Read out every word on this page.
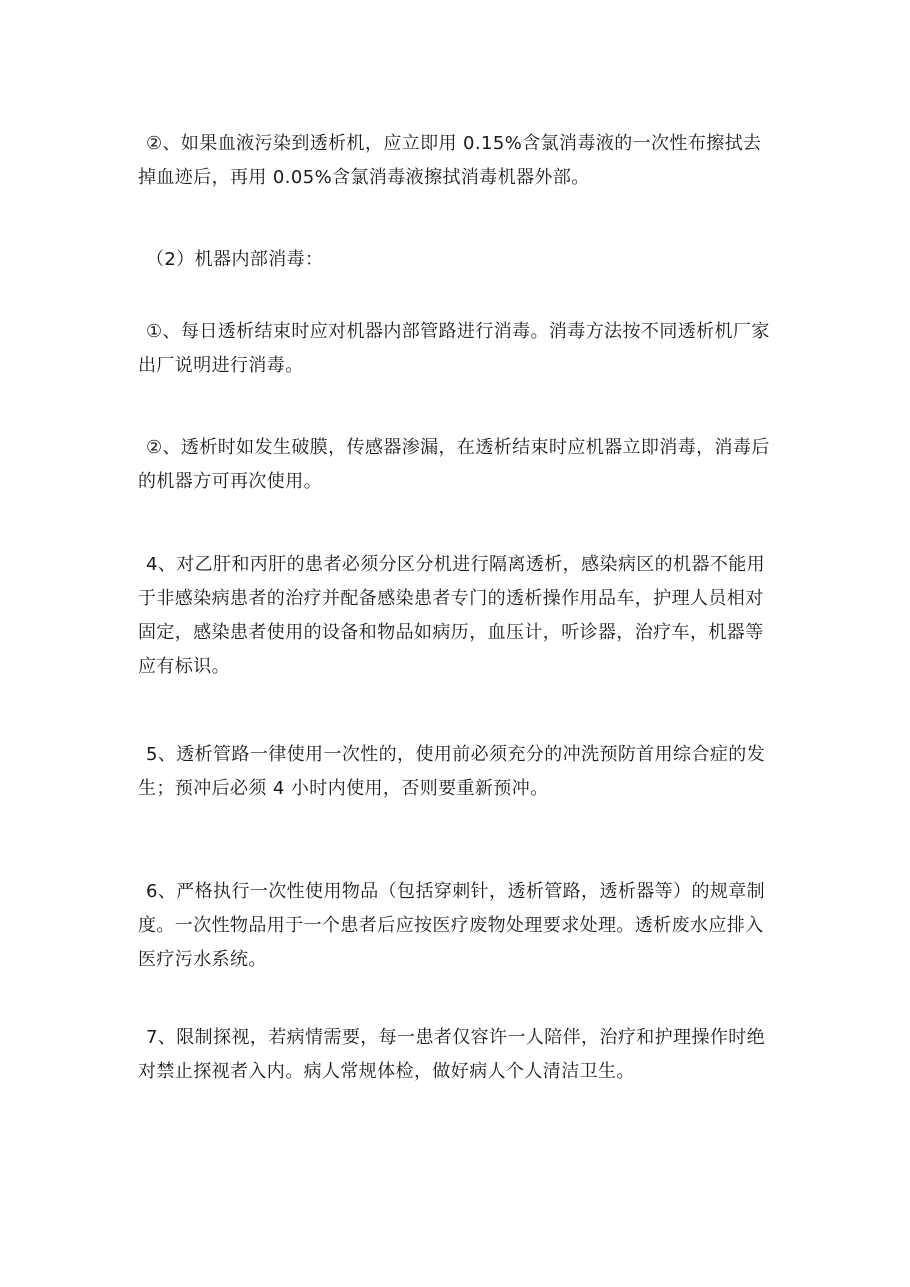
②、如果血液污染到透析机，应立即用 0.15%含氯消毒液的一次性布擦拭去
掉血迹后，再用 0.05%含氯消毒液擦拭消毒机器外部。

（2）机器内部消毒：

①、每日透析结束时应对机器内部管路进行消毒。消毒方法按不同透析机厂家
出厂说明进行消毒。

②、透析时如发生破膜，传感器渗漏，在透析结束时应机器立即消毒，消毒后
的机器方可再次使用。

4、对乙肝和丙肝的患者必须分区分机进行隔离透析，感染病区的机器不能用
于非感染病患者的治疗并配备感染患者专门的透析操作用品车，护理人员相对
固定，感染患者使用的设备和物品如病历，血压计，听诊器，治疗车，机器等
应有标识。

5、透析管路一律使用一次性的，使用前必须充分的冲洗预防首用综合症的发
生；预冲后必须 4 小时内使用，否则要重新预冲。

6、严格执行一次性使用物品（包括穿刺针，透析管路，透析器等）的规章制
度。一次性物品用于一个患者后应按医疗废物处理要求处理。透析废水应排入
医疗污水系统。

7、限制探视，若病情需要，每一患者仅容许一人陪伴，治疗和护理操作时绝
对禁止探视者入内。病人常规体检，做好病人个人清洁卫生。
